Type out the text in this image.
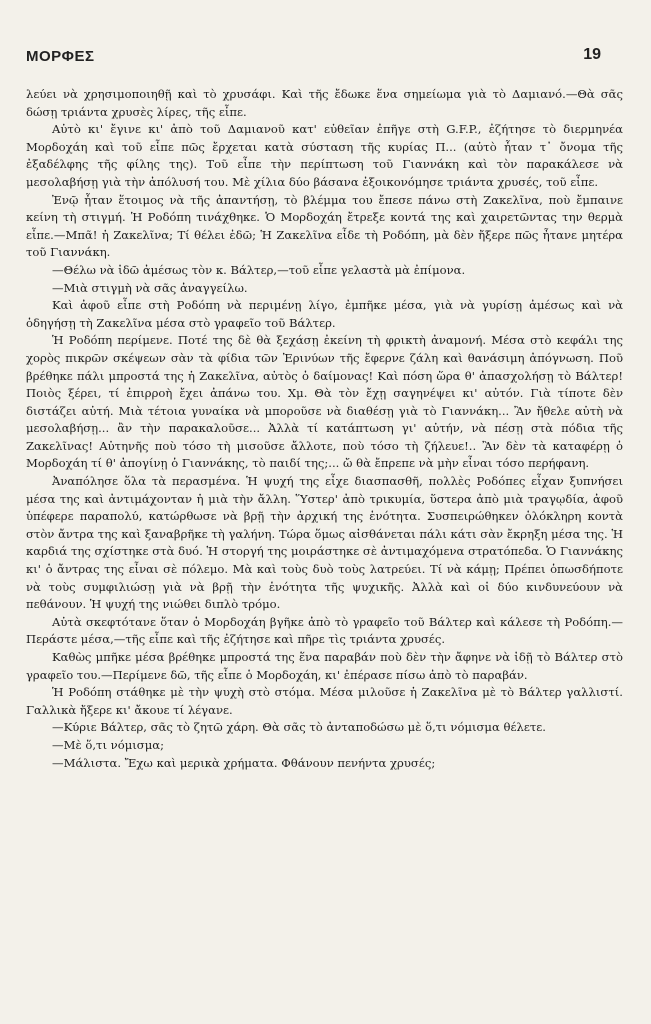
ΜΟΡΦΕΣ	19

λεύει νὰ χρησιμοποιηθῇ καὶ τὸ χρυσάφι. Καὶ τῆς ἔδωκε ἕνα σημείωμα γιὰ τὸ Δαμιανό.—Θὰ σᾶς δώσῃ τριάντα χρυσὲς λίρες, τῆς εἶπε.

Αὐτὸ κι' ἔγινε κι' ἀπὸ τοῦ Δαμιανοῦ κατ' εὐθεῖαν ἐπῆγε στὴ G.F.P., ἐζήτησε τὸ διερμηνέα Μορδοχάη καὶ τοῦ εἶπε πῶς ἔρχεται κατὰ σύσταση τῆς κυρίας Π... (αὐτὸ ἦταν τ᾽ ὄνομα τῆς ἐξαδέλφης τῆς φίλης της). Τοῦ εἶπε τὴν περίπτωση τοῦ Γιαννάκη καὶ τὸν παρακάλεσε νὰ μεσολαβήσῃ γιὰ τὴν ἀπόλυσή του. Μὲ χίλια δύο βάσανα ἐξοικονόμησε τριάντα χρυσές, τοῦ εἶπε.

Ἐνῷ ἦταν ἕτοιμος νὰ τῆς ἀπαντήσῃ, τὸ βλέμμα του ἔπεσε πάνω στὴ Ζακελῖνα, ποὺ ἔμπαινε κείνη τὴ στιγμή. Ἡ Ροδόπη τινάχθηκε. Ὁ Μορδοχάη ἔτρεξε κοντά της καὶ χαιρετῶντας την θερμὰ εἶπε.—Μπᾶ! ἡ Ζακελῖνα; Τί θέλει ἐδῶ; Ἡ Ζακελῖνα εἶδε τὴ Ροδόπη, μὰ δὲν ἤξερε πῶς ἦτανε μητέρα τοῦ Γιαννάκη.

—Θέλω νὰ ἰδῶ ἀμέσως τὸν κ. Βάλτερ,—τοῦ εἶπε γελαστὰ μὰ ἐπίμονα.

—Μιὰ στιγμὴ νὰ σᾶς ἀναγγείλω.

Καὶ ἀφοῦ εἶπε στὴ Ροδόπη νὰ περιμένῃ λίγο, ἐμπῆκε μέσα, γιὰ νὰ γυρίσῃ ἀμέσως καὶ νὰ ὁδηγήσῃ τὴ Ζακελῖνα μέσα στὸ γραφεῖο τοῦ Βάλτερ.

Ἡ Ροδόπη περίμενε. Ποτέ της δὲ θὰ ξεχάσῃ ἐκείνη τὴ φρικτὴ ἀναμονή. Μέσα στὸ κεφάλι της χορὸς πικρῶν σκέψεων σὰν τὰ φίδια τῶν Ἐρινύων τῆς ἔφερνε ζάλη καὶ θανάσιμη ἀπόγνωση. Ποῦ βρέθηκε πάλι μπροστά της ἡ Ζακελῖνα, αὐτὸς ὁ δαίμονας! Καὶ πόση ὥρα θ' ἀπασχολήσῃ τὸ Βάλτερ! Ποιὸς ξέρει, τί ἐπιρροὴ ἔχει ἀπάνω του. Χμ. Θὰ τὸν ἔχῃ σαγηνέψει κι' αὐτόν. Γιὰ τίποτε δὲν διστάζει αὐτή. Μιὰ τέτοια γυναίκα νὰ μποροῦσε νὰ διαθέσῃ γιὰ τὸ Γιαννάκη... Ἂν ἤθελε αὐτὴ νὰ μεσολαβήσῃ... ἂν τὴν παρακαλοῦσε... Ἀλλὰ τί κατάπτωση γι' αὐτήν, νὰ πέσῃ στὰ πόδια τῆς Ζακελῖνας! Αὐτηνῆς ποὺ τόσο τὴ μισοῦσε ἄλλοτε, ποὺ τόσο τὴ ζήλευε!.. Ἂν δὲν τὰ καταφέρῃ ὁ Μορδοχάη τί θ' ἀπογίνῃ ὁ Γιαννάκης, τὸ παιδί της;... ὤ θὰ ἔπρεπε νὰ μὴν εἶναι τόσο περήφανη.

Ἀναπόλησε ὅλα τὰ περασμένα. Ἡ ψυχή της εἶχε διασπασθῆ, πολλὲς Ροδόπες εἶχαν ξυπνήσει μέσα της καὶ ἀντιμάχονταν ἡ μιὰ τὴν ἄλλη. Ὕστερ' ἀπὸ τρικυμία, ὕστερα ἀπὸ μιὰ τραγῳδία, ἀφοῦ ὑπέφερε παραπολύ, κατώρθωσε νὰ βρῇ τὴν ἀρχική της ἑνότητα. Συσπειρώθηκεν ὁλόκληρη κοντὰ στὸν ἄντρα της καὶ ξαναβρῆκε τὴ γαλήνη. Τώρα ὅμως αἰσθάνεται πάλι κάτι σὰν ἔκρηξη μέσα της. Ἡ καρδιά της σχίστηκε στὰ δυό. Ἡ στοργή της μοιράστηκε σὲ ἀντιμαχόμενα στρατόπεδα. Ὁ Γιαννάκης κι' ὁ ἄντρας της εἶναι σὲ πόλεμο. Μὰ καὶ τοὺς δυὸ τοὺς λατρεύει. Τί νὰ κάμῃ; Πρέπει ὁπωσδήποτε νὰ τοὺς συμφιλιώσῃ γιὰ νὰ βρῇ τὴν ἑνότητα τῆς ψυχικῆς. Ἀλλὰ καὶ οἱ δύο κινδυνεύουν νὰ πεθάνουν. Ἡ ψυχή της νιώθει διπλὸ τρόμο.

Αὐτὰ σκεφτότανε ὅταν ὁ Μορδοχάη βγῆκε ἀπὸ τὸ γραφεῖο τοῦ Βάλτερ καὶ κάλεσε τὴ Ροδόπη.—Περάστε μέσα,—τῆς εἶπε καὶ τῆς ἐζήτησε καὶ πῆρε τὶς τριάντα χρυσές.

Καθὼς μπῆκε μέσα βρέθηκε μπροστά της ἕνα παραβάν ποὺ δὲν τὴν ἄφηνε νὰ ἰδῇ τὸ Βάλτερ στὸ γραφεῖο του.—Περίμενε δῶ, τῆς εἶπε ὁ Μορδοχάη, κι' ἐπέρασε πίσω ἀπὸ τὸ παραβάν.

Ἡ Ροδόπη στάθηκε μὲ τὴν ψυχὴ στὸ στόμα. Μέσα μιλοῦσε ἡ Ζακελῖνα μὲ τὸ Βάλτερ γαλλιστί. Γαλλικὰ ἤξερε κι' ἄκουε τί λέγανε.

—Κύριε Βάλτερ, σᾶς τὸ ζητῶ χάρη. Θὰ σᾶς τὸ ἀνταποδώσω μὲ ὅ,τι νόμισμα θέλετε.

—Μὲ ὅ,τι νόμισμα;

—Μάλιστα. Ἔχω καὶ μερικὰ χρήματα. Φθάνουν πενήντα χρυσές;
